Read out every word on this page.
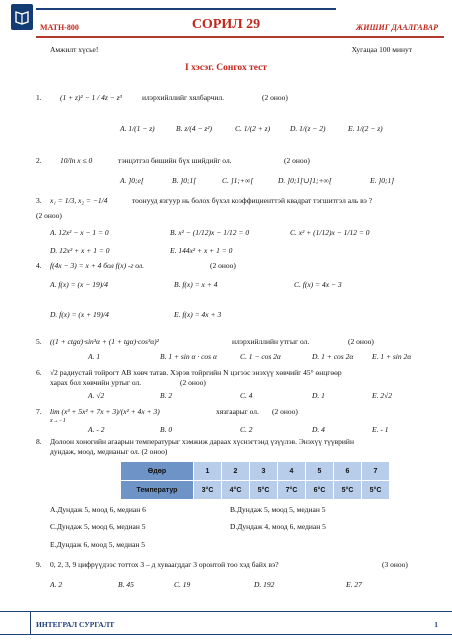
МАТН-800	СОРИЛ 29	ЖИШИГ ДААЛГАВАР
Амжилт хүсье!	Хугацаа 100 минут
I хэсэг. Сонгох тест
1. (1 + z)² − 1 / 4z − z³	илэрхийллийг хялбарчил.	(2 оноо)
A. 1/(1 − z)	B. z/(4 − z²)	C. 1/(2 + z)	D. 1/(z − 2)	E. 1/(2 − z)
2. 10/ln x ≤ 0	тэнцэтгэл бишийн бүх шийдийг ол.	(2 оноо)
A. ]0;e[	B. ]0;1[	C. ]1;+∞[	D. ]0;1[∪]1;+∞[	E. ]0;1]
3. x₁ = 1/3, x₂ = −1/4	тоонууд язгуур нь болох бүхэл коэффициенттэй квадрат тэгшитгэл аль вэ ?
(2 оноо)
A. 12x² − x − 1 = 0	B. x² − (1/12)x − 1/12 = 0	C. x² + (1/12)x − 1/12 = 0
D. 12x² + x + 1 = 0	E. 144x² + x + 1 = 0
4. f(4x − 3) = x + 4 бол f(x) -г ол.	(2 оноо)
A. f(x) = (x − 19)/4	B. f(x) = x + 4	C. f(x) = 4x − 3
D. f(x) = (x + 19)/4	E. f(x) = 4x + 3
5. ((1 + ctgα)·sin³α + (1 + tgα)·cos³α)²	илэрхийллийн утгыг ол.	(2 оноо)
A. 1	B. 1 + sin α · cos α	C. 1 − cos 2α	D. 1 + cos 2α E. 1 + sin 2α
6. √2 радиустай тойрогт AB хөвч татав. Хэрэв тойргийн N цэгээс энэхүү хөвчийг 45° өнцгөөр
харах бол хөвчийн уртыг ол.	(2 оноо)
A. √2	B. 2	C. 4	D. 1	E. 2√2
7. lim (x³ + 5x² + 7x + 3)/(x² + 4x + 3)
x→−1
хязгаарыг ол. (2 оноо)
A. - 2	B. 0	C. 2	D. 4	E. - 1
8. Долоон хоногийн агаарын температурыг хэмжиж дараах хүснэгтэнд үзүүлэв. Энэхүү түүврийн
дундаж, моод, медианыг ол. (2 оноо)
Өдөр	1	2	3	4	5	6	7
Температур	3°C	4°C	5°C	7°C	6°C	5°C	5°C
A.Дундаж 5, моод 6, медиан 6	B.Дундаж 5, моод 5, медиан 5
C.Дундаж 5, моод 6, медиан 5	D.Дундаж 4, моод 6, медиан 5
E.Дундаж 6, моод 5, медиан 5
9. 0, 2, 3, 9 цифрүүдээс тоттох 3 – д хуваагддаг 3 оронтой тоо хэд байх вэ?	(3 оноо)
A. 2	B. 45	C. 19	D. 192	E. 27
ИНТЕГРАЛ СУРГАЛТ	1
